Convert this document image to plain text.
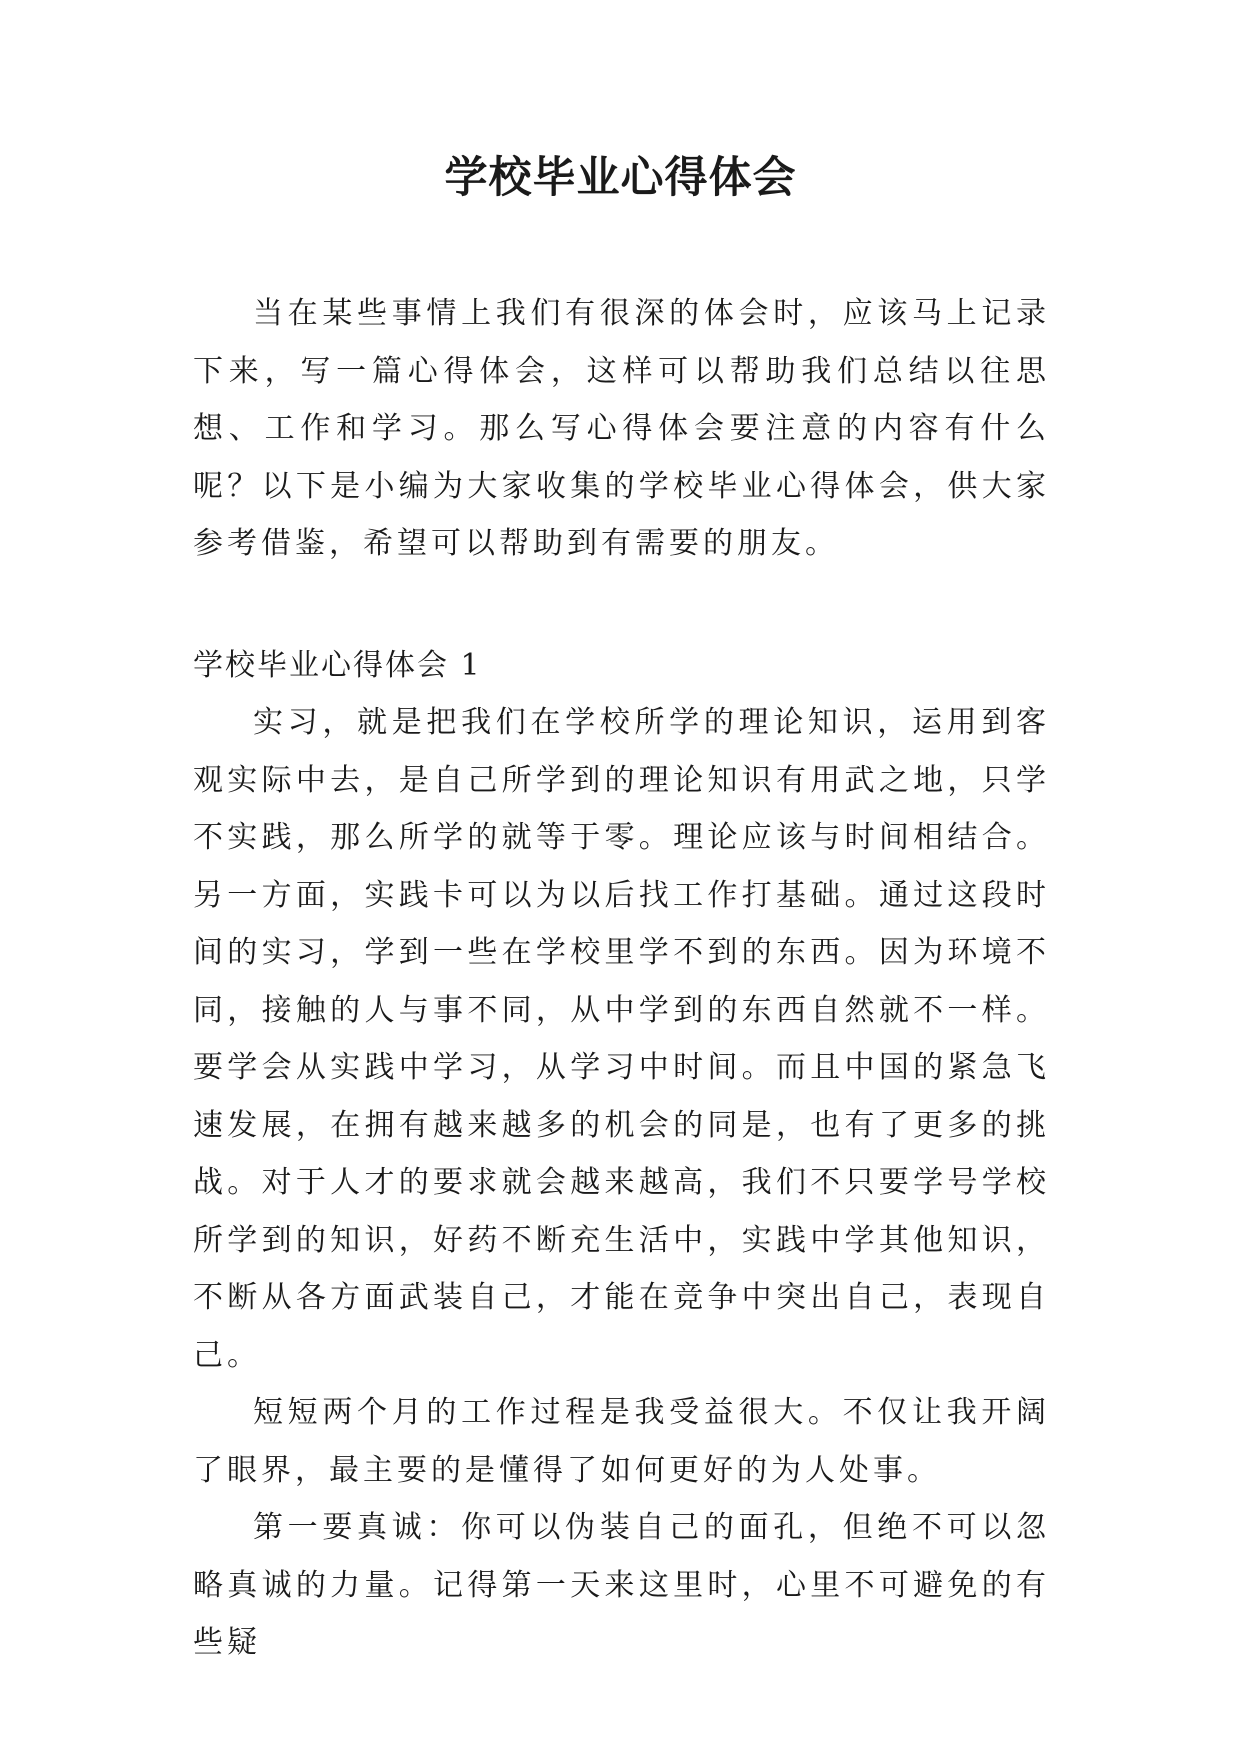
学校毕业心得体会

当在某些事情上我们有很深的体会时，应该马上记录下来，写一篇心得体会，这样可以帮助我们总结以往思想、工作和学习。那么写心得体会要注意的内容有什么呢？以下是小编为大家收集的学校毕业心得体会，供大家参考借鉴，希望可以帮助到有需要的朋友。

学校毕业心得体会 1

实习，就是把我们在学校所学的理论知识，运用到客观实际中去，是自己所学到的理论知识有用武之地，只学不实践，那么所学的就等于零。理论应该与时间相结合。另一方面，实践卡可以为以后找工作打基础。通过这段时间的实习，学到一些在学校里学不到的东西。因为环境不同，接触的人与事不同，从中学到的东西自然就不一样。要学会从实践中学习，从学习中时间。而且中国的紧急飞速发展，在拥有越来越多的机会的同是，也有了更多的挑战。对于人才的要求就会越来越高，我们不只要学号学校所学到的知识，好药不断充生活中，实践中学其他知识，不断从各方面武装自己，才能在竞争中突出自己，表现自己。

短短两个月的工作过程是我受益很大。不仅让我开阔了眼界，最主要的是懂得了如何更好的为人处事。

第一要真诚：你可以伪装自己的面孔，但绝不可以忽略真诚的力量。记得第一天来这里时，心里不可避免的有些疑
